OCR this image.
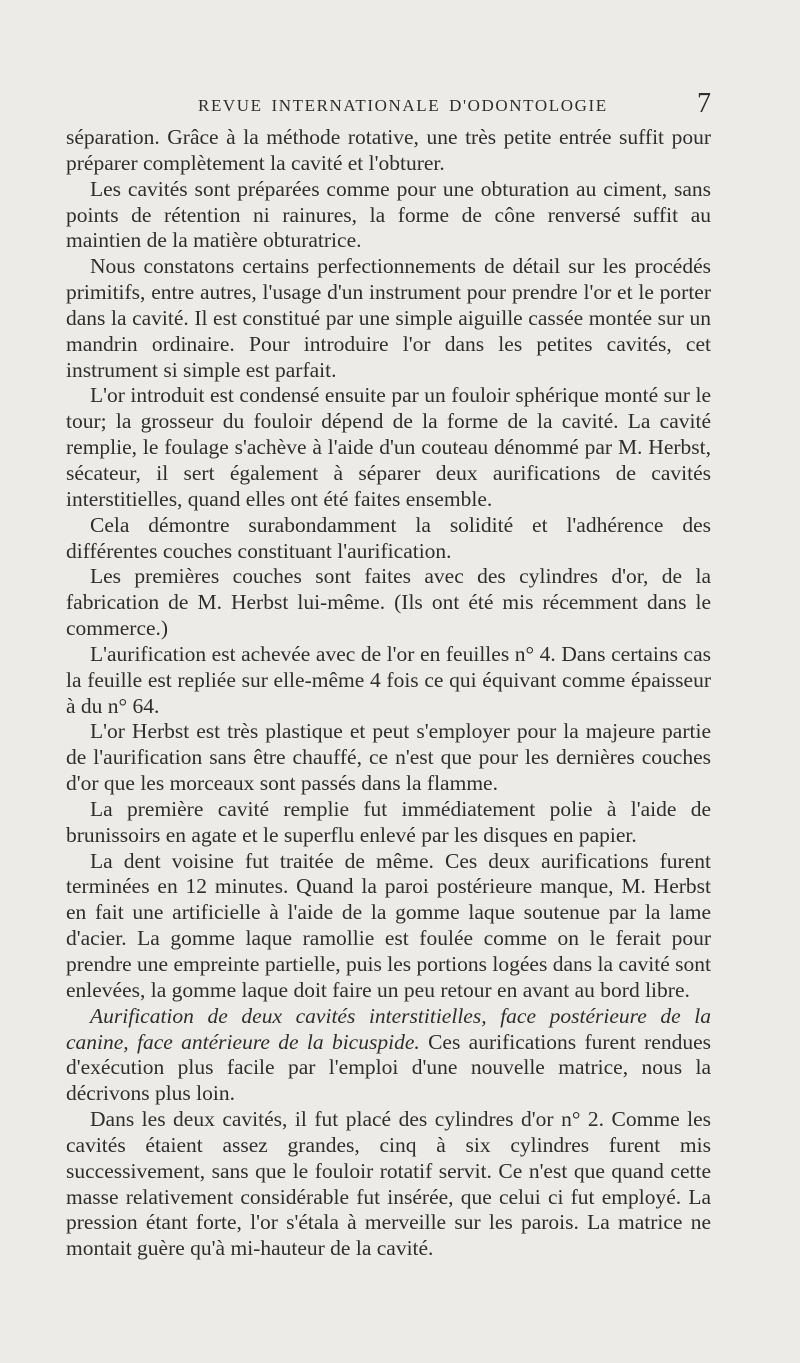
REVUE INTERNATIONALE D'ODONTOLOGIE	7

séparation. Grâce à la méthode rotative, une très petite entrée suffit pour préparer complètement la cavité et l'obturer.

Les cavités sont préparées comme pour une obturation au ciment, sans points de rétention ni rainures, la forme de cône renversé suffit au maintien de la matière obturatrice.

Nous constatons certains perfectionnements de détail sur les procédés primitifs, entre autres, l'usage d'un instrument pour prendre l'or et le porter dans la cavité. Il est constitué par une simple aiguille cassée montée sur un mandrin ordinaire. Pour introduire l'or dans les petites cavités, cet instrument si simple est parfait.

L'or introduit est condensé ensuite par un fouloir sphérique monté sur le tour; la grosseur du fouloir dépend de la forme de la cavité. La cavité remplie, le foulage s'achève à l'aide d'un couteau dénommé par M. Herbst, sécateur, il sert également à séparer deux aurifications de cavités interstitielles, quand elles ont été faites ensemble.

Cela démontre surabondamment la solidité et l'adhérence des différentes couches constituant l'aurification.

Les premières couches sont faites avec des cylindres d'or, de la fabrication de M. Herbst lui-même. (Ils ont été mis récemment dans le commerce.)

L'aurification est achevée avec de l'or en feuilles n° 4. Dans certains cas la feuille est repliée sur elle-même 4 fois ce qui équivant comme épaisseur à du n° 64.

L'or Herbst est très plastique et peut s'employer pour la majeure partie de l'aurification sans être chauffé, ce n'est que pour les dernières couches d'or que les morceaux sont passés dans la flamme.

La première cavité remplie fut immédiatement polie à l'aide de brunissoirs en agate et le superflu enlevé par les disques en papier.

La dent voisine fut traitée de même. Ces deux aurifications furent terminées en 12 minutes. Quand la paroi postérieure manque, M. Herbst en fait une artificielle à l'aide de la gomme laque soutenue par la lame d'acier. La gomme laque ramollie est foulée comme on le ferait pour prendre une empreinte partielle, puis les portions logées dans la cavité sont enlevées, la gomme laque doit faire un peu retour en avant au bord libre.

Aurification de deux cavités interstitielles, face postérieure de la canine, face antérieure de la bicuspide. Ces aurifications furent rendues d'exécution plus facile par l'emploi d'une nouvelle matrice, nous la décrivons plus loin.

Dans les deux cavités, il fut placé des cylindres d'or n° 2. Comme les cavités étaient assez grandes, cinq à six cylindres furent mis successivement, sans que le fouloir rotatif servit. Ce n'est que quand cette masse relativement considérable fut insérée, que celui ci fut employé. La pression étant forte, l'or s'étala à merveille sur les parois. La matrice ne montait guère qu'à mi-hauteur de la cavité.
